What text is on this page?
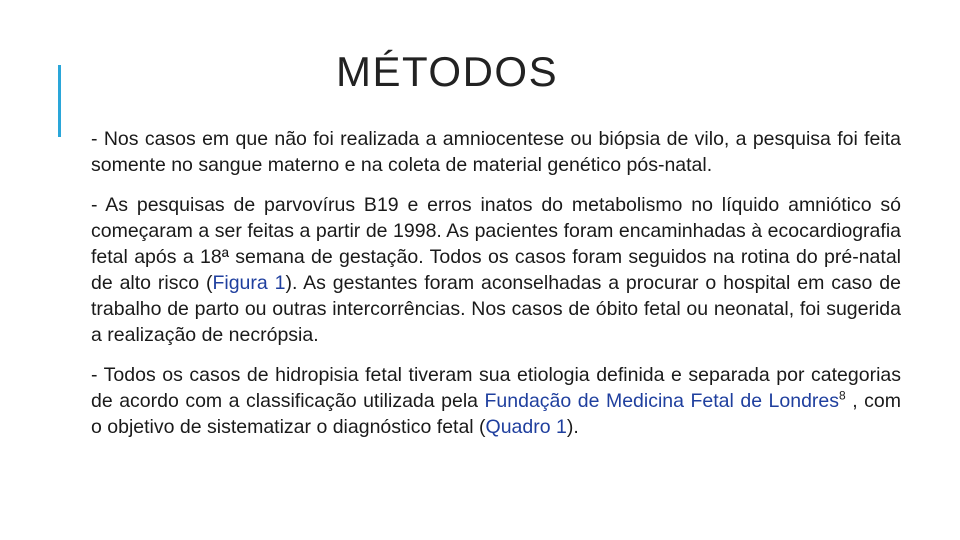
MÉTODOS

- Nos casos em que não foi realizada a amniocentese ou biópsia de vilo, a pesquisa foi feita somente no sangue materno e na coleta de material genético pós-natal.

- As pesquisas de parvovírus B19 e erros inatos do metabolismo no líquido amniótico só começaram a ser feitas a partir de 1998. As pacientes foram encaminhadas à ecocardiografia fetal após a 18ª semana de gestação. Todos os casos foram seguidos na rotina do pré-natal de alto risco (Figura 1). As gestantes foram aconselhadas a procurar o hospital em caso de trabalho de parto ou outras intercorrências. Nos casos de óbito fetal ou neonatal, foi sugerida a realização de necrópsia.

- Todos os casos de hidropisia fetal tiveram sua etiologia definida e separada por categorias de acordo com a classificação utilizada pela Fundação de Medicina Fetal de Londres$^8$ , com o objetivo de sistematizar o diagnóstico fetal (Quadro 1).
